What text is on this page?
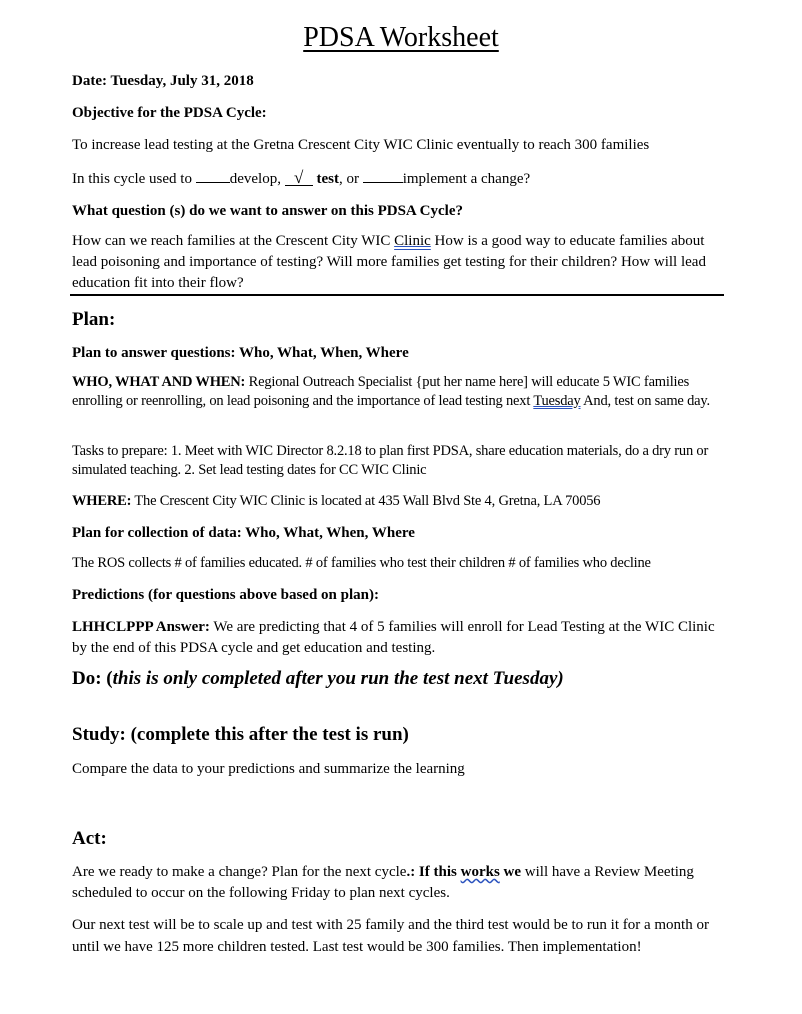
PDSA Worksheet
Date: Tuesday, July 31, 2018
Objective for the PDSA Cycle:
To increase lead testing at the Gretna Crescent City WIC Clinic eventually to reach 300 families
In this cycle used to develop, √ test, or	implement a change?
What question (s) do we want to answer on this PDSA Cycle?
How can we reach families at the Crescent City WIC Clinic How is a good way to educate families about lead poisoning and importance of testing? Will more families get testing for their children? How will lead education fit into their flow?
Plan:
Plan to answer questions: Who, What, When, Where
WHO, WHAT AND WHEN: Regional Outreach Specialist {put her name here] will educate 5 WIC families enrolling or reenrolling, on lead poisoning and the importance of lead testing next Tuesday And, test on same day.
Tasks to prepare: 1. Meet with WIC Director 8.2.18 to plan first PDSA, share education materials, do a dry run or simulated teaching. 2. Set lead testing dates for CC WIC Clinic
WHERE: The Crescent City WIC Clinic is located at 435 Wall Blvd Ste 4, Gretna, LA 70056
Plan for collection of data: Who, What, When, Where
The ROS collects # of families educated. # of families who test their children # of families who decline
Predictions (for questions above based on plan):
LHHCLPPP Answer: We are predicting that 4 of 5 families will enroll for Lead Testing at the WIC Clinic by the end of this PDSA cycle and get education and testing.
Do: (this is only completed after you run the test next Tuesday)
Study: (complete this after the test is run)
Compare the data to your predictions and summarize the learning
Act:
Are we ready to make a change? Plan for the next cycle.: If this works we will have a Review Meeting scheduled to occur on the following Friday to plan next cycles.
Our next test will be to scale up and test with 25 family and the third test would be to run it for a month or until we have 125 more children tested. Last test would be 300 families. Then implementation!
